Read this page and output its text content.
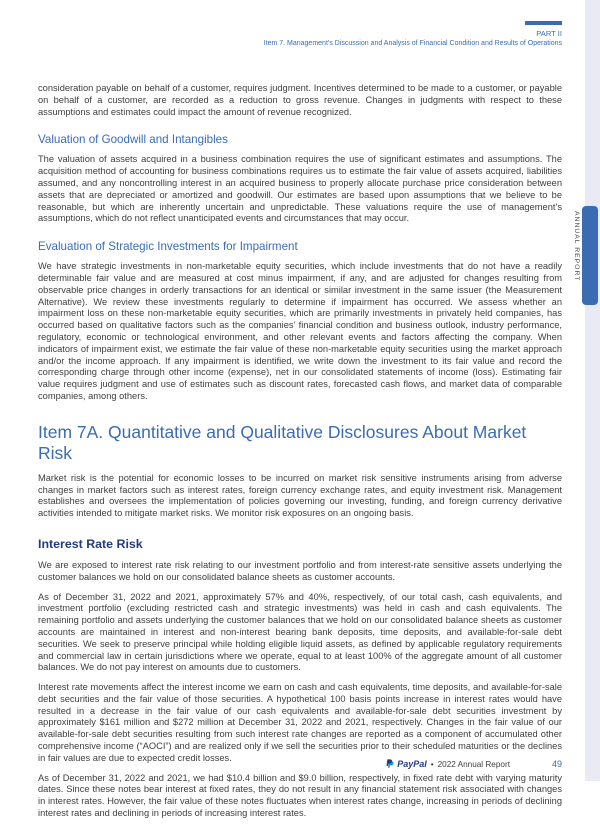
ANNUAL REPORT
PART II
Item 7. Management’s Discussion and Analysis of Financial Condition and Results of Operations

consideration payable on behalf of a customer, requires judgment. Incentives determined to be made to a customer, or payable on behalf of a customer, are recorded as a reduction to gross revenue. Changes in judgments with respect to these assumptions and estimates could impact the amount of revenue recognized.

Valuation of Goodwill and Intangibles

The valuation of assets acquired in a business combination requires the use of significant estimates and assumptions. The acquisition method of accounting for business combinations requires us to estimate the fair value of assets acquired, liabilities assumed, and any noncontrolling interest in an acquired business to properly allocate purchase price consideration between assets that are depreciated or amortized and goodwill. Our estimates are based upon assumptions that we believe to be reasonable, but which are inherently uncertain and unpredictable. These valuations require the use of management’s assumptions, which do not reflect unanticipated events and circumstances that may occur.

Evaluation of Strategic Investments for Impairment

We have strategic investments in non-marketable equity securities, which include investments that do not have a readily determinable fair value and are measured at cost minus impairment, if any, and are adjusted for changes resulting from observable price changes in orderly transactions for an identical or similar investment in the same issuer (the Measurement Alternative). We review these investments regularly to determine if impairment has occurred. We assess whether an impairment loss on these non-marketable equity securities, which are primarily investments in privately held companies, has occurred based on qualitative factors such as the companies’ financial condition and business outlook, industry performance, regulatory, economic or technological environment, and other relevant events and factors affecting the company. When indicators of impairment exist, we estimate the fair value of these non-marketable equity securities using the market approach and/or the income approach. If any impairment is identified, we write down the investment to its fair value and record the corresponding charge through other income (expense), net in our consolidated statements of income (loss). Estimating fair value requires judgment and use of estimates such as discount rates, forecasted cash flows, and market data of comparable companies, among others.

Item 7A. Quantitative and Qualitative Disclosures About Market Risk

Market risk is the potential for economic losses to be incurred on market risk sensitive instruments arising from adverse changes in market factors such as interest rates, foreign currency exchange rates, and equity investment risk. Management establishes and oversees the implementation of policies governing our investing, funding, and foreign currency derivative activities intended to mitigate market risks. We monitor risk exposures on an ongoing basis.

Interest Rate Risk

We are exposed to interest rate risk relating to our investment portfolio and from interest-rate sensitive assets underlying the customer balances we hold on our consolidated balance sheets as customer accounts.

As of December 31, 2022 and 2021, approximately 57% and 40%, respectively, of our total cash, cash equivalents, and investment portfolio (excluding restricted cash and strategic investments) was held in cash and cash equivalents. The remaining portfolio and assets underlying the customer balances that we hold on our consolidated balance sheets as customer accounts are maintained in interest and non-interest bearing bank deposits, time deposits, and available-for-sale debt securities. We seek to preserve principal while holding eligible liquid assets, as defined by applicable regulatory requirements and commercial law in certain jurisdictions where we operate, equal to at least 100% of the aggregate amount of all customer balances. We do not pay interest on amounts due to customers.

Interest rate movements affect the interest income we earn on cash and cash equivalents, time deposits, and available-for-sale debt securities and the fair value of those securities. A hypothetical 100 basis points increase in interest rates would have resulted in a decrease in the fair value of our cash equivalents and available-for-sale debt securities investment by approximately $161 million and $272 million at December 31, 2022 and 2021, respectively. Changes in the fair value of our available-for-sale debt securities resulting from such interest rate changes are reported as a component of accumulated other comprehensive income (“AOCI”) and are realized only if we sell the securities prior to their scheduled maturities or the declines in fair values are due to expected credit losses.

As of December 31, 2022 and 2021, we had $10.4 billion and $9.0 billion, respectively, in fixed rate debt with varying maturity dates. Since these notes bear interest at fixed rates, they do not result in any financial statement risk associated with changes in interest rates. However, the fair value of these notes fluctuates when interest rates change, increasing in periods of declining interest rates and declining in periods of increasing interest rates.

PayPal • 2022 Annual Report	49
